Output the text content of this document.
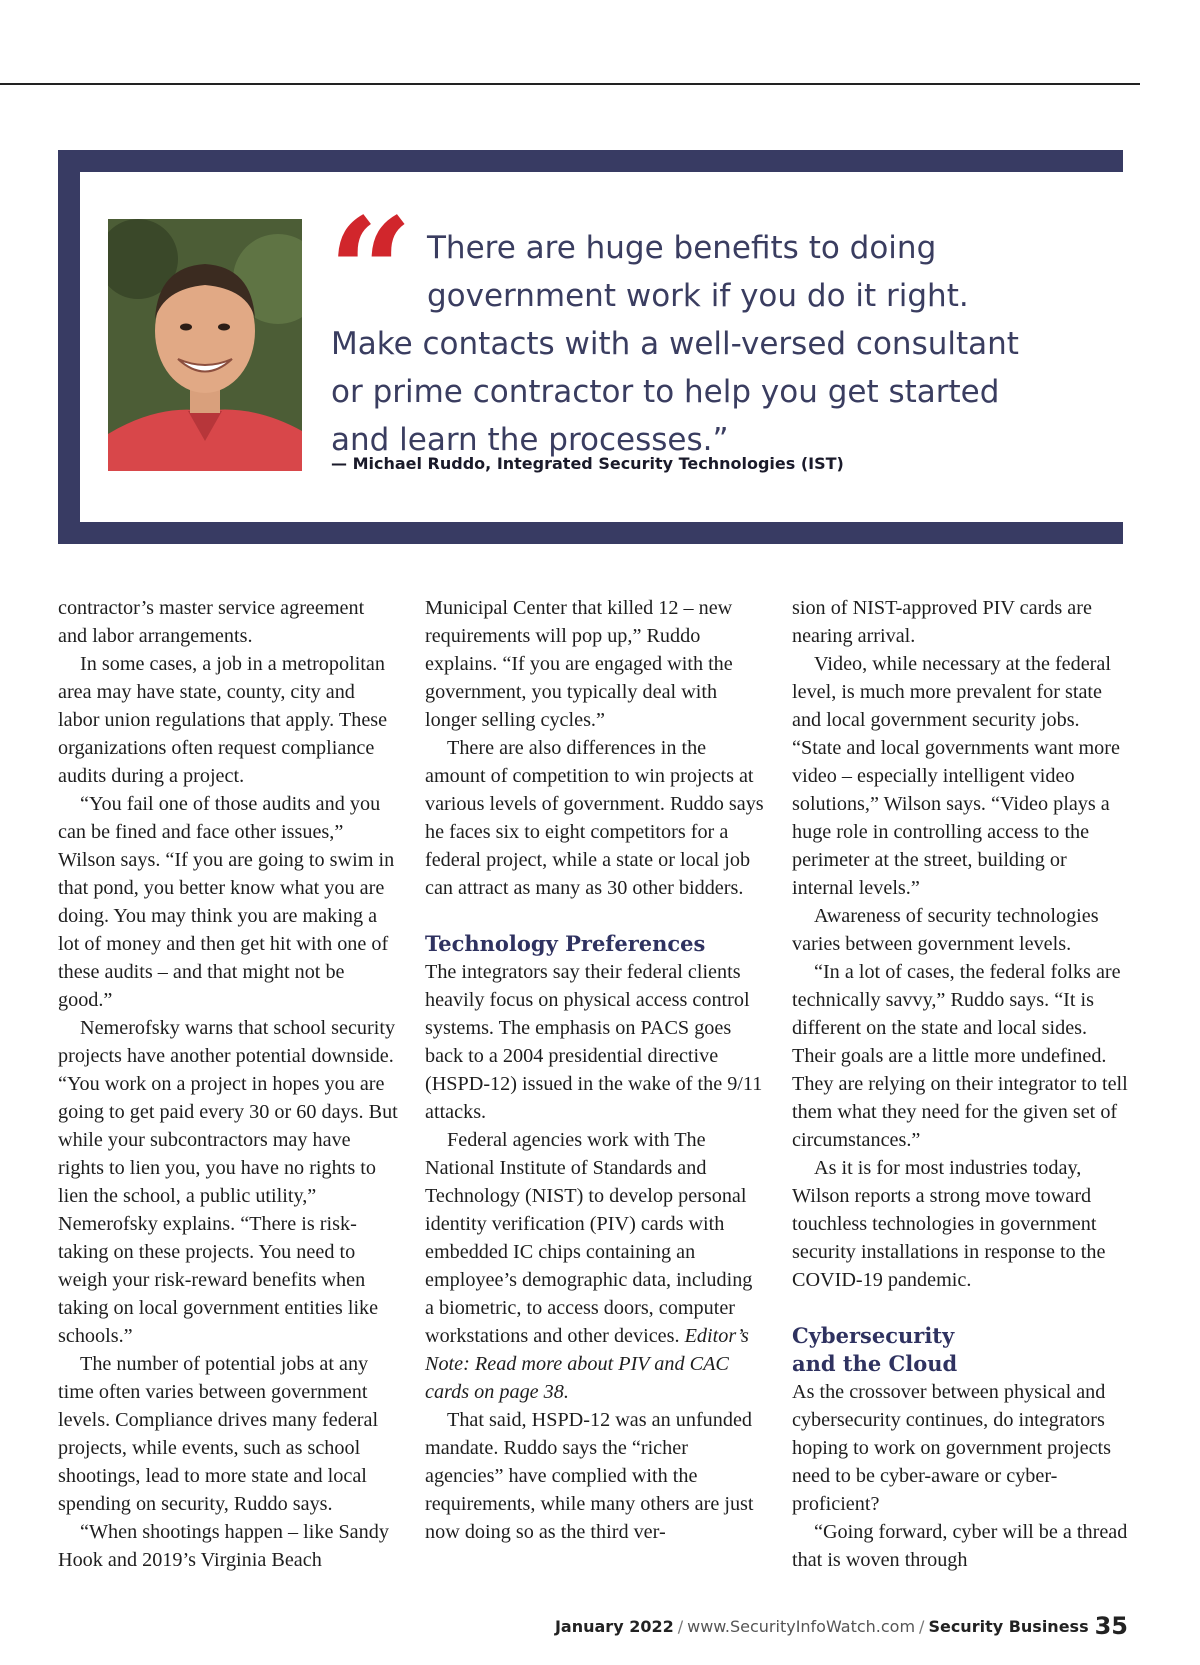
“ There are huge benefits to doing government work if you do it right.
Make contacts with a well-versed consultant or prime contractor to help you get started and learn the processes.”

— Michael Ruddo, Integrated Security Technologies (IST)

contractor’s master service agreement and labor arrangements.

In some cases, a job in a metropolitan area may have state, county, city and labor union regulations that apply. These organizations often request compliance audits during a project.

“You fail one of those audits and you can be fined and face other issues,” Wilson says. “If you are going to swim in that pond, you better know what you are doing. You may think you are making a lot of money and then get hit with one of these audits – and that might not be good.”

Nemerofsky warns that school security projects have another potential downside. “You work on a project in hopes you are going to get paid every 30 or 60 days. But while your subcontractors may have rights to lien you, you have no rights to lien the school, a public utility,” Nemerofsky explains. “There is risk-taking on these projects. You need to weigh your risk-reward benefits when taking on local government entities like schools.”

The number of potential jobs at any time often varies between government levels. Compliance drives many federal projects, while events, such as school shootings, lead to more state and local spending on security, Ruddo says.

“When shootings happen – like Sandy Hook and 2019’s Virginia Beach

Municipal Center that killed 12 – new requirements will pop up,” Ruddo explains. “If you are engaged with the government, you typically deal with longer selling cycles.”

There are also differences in the amount of competition to win projects at various levels of government. Ruddo says he faces six to eight competitors for a federal project, while a state or local job can attract as many as 30 other bidders.

Technology Preferences

The integrators say their federal clients heavily focus on physical access control systems. The emphasis on PACS goes back to a 2004 presidential directive (HSPD-12) issued in the wake of the 9/11 attacks.

Federal agencies work with The National Institute of Standards and Technology (NIST) to develop personal identity verification (PIV) cards with embedded IC chips containing an employee’s demographic data, including a biometric, to access doors, computer workstations and other devices. Editor’s Note: Read more about PIV and CAC cards on page 38.

That said, HSPD-12 was an unfunded mandate. Ruddo says the “richer agencies” have complied with the requirements, while many others are just now doing so as the third ver-

sion of NIST-approved PIV cards are nearing arrival.

Video, while necessary at the federal level, is much more prevalent for state and local government security jobs. “State and local governments want more video – especially intelligent video solutions,” Wilson says. “Video plays a huge role in controlling access to the perimeter at the street, building or internal levels.”

Awareness of security technologies varies between government levels.

“In a lot of cases, the federal folks are technically savvy,” Ruddo says. “It is different on the state and local sides. Their goals are a little more undefined. They are relying on their integrator to tell them what they need for the given set of circumstances.”

As it is for most industries today, Wilson reports a strong move toward touchless technologies in government security installations in response to the COVID-19 pandemic.

Cybersecurity
and the Cloud

As the crossover between physical and cybersecurity continues, do integrators hoping to work on government projects need to be cyber-aware or cyber-proficient?

“Going forward, cyber will be a thread that is woven through

January 2022 / www.SecurityInfoWatch.com / Security Business 35
